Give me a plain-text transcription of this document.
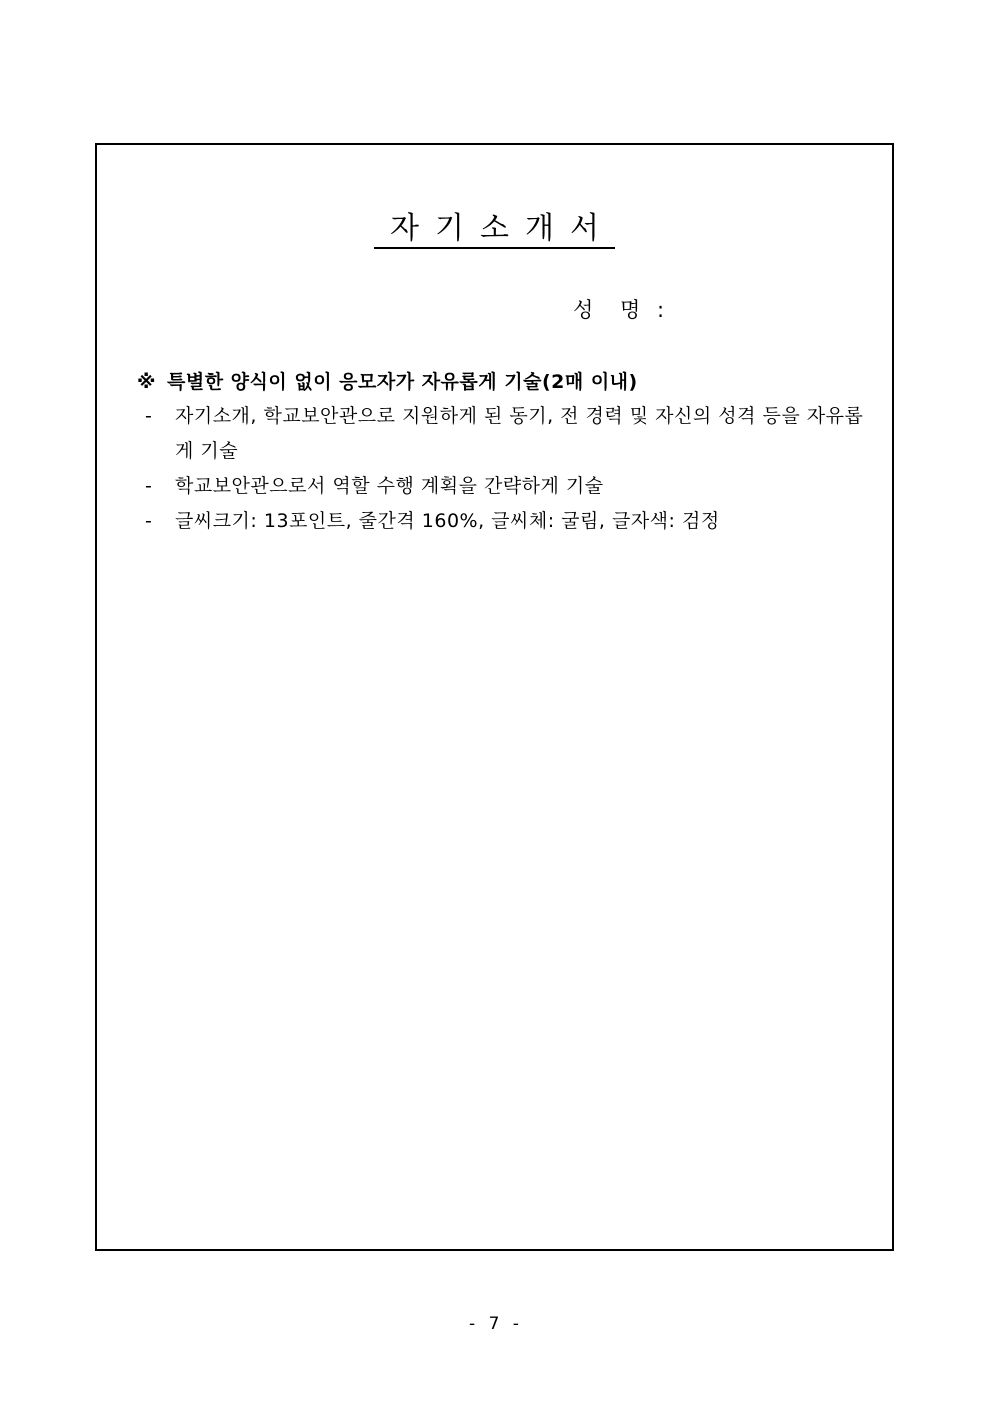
자기소개서
성 명 :
※ 특별한 양식이 없이 응모자가 자유롭게 기술(2매 이내)
- 자기소개, 학교보안관으로 지원하게 된 동기, 전 경력 및 자신의 성격 등을 자유롭게 기술
- 학교보안관으로서 역할 수행 계획을 간략하게 기술
- 글씨크기: 13포인트, 줄간격 160%, 글씨체: 굴림, 글자색: 검정
- 7 -
